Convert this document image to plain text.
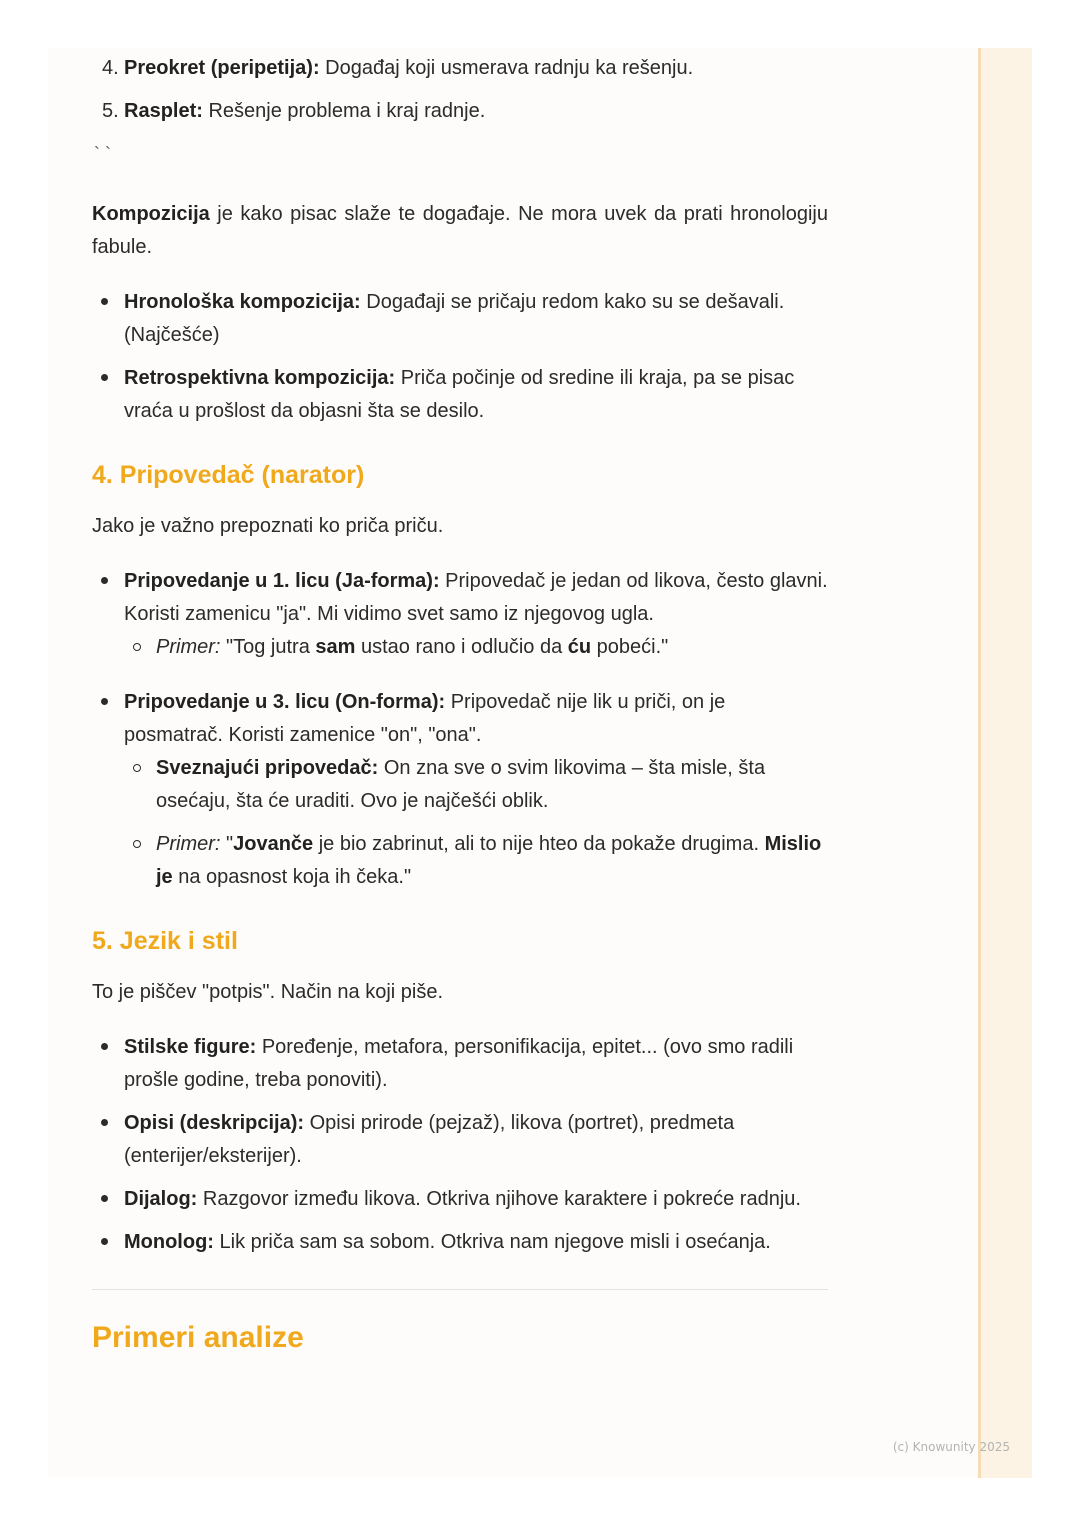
4. Preokret (peripetija): Događaj koji usmerava radnju ka rešenju.
5. Rasplet: Rešenje problema i kraj radnje.
` `
Kompozicija je kako pisac slaže te događaje. Ne mora uvek da prati hronologiju fabule.
Hronološka kompozicija: Događaji se pričaju redom kako su se dešavali. (Najčešće)
Retrospektivna kompozicija: Priča počinje od sredine ili kraja, pa se pisac vraća u prošlost da objasni šta se desilo.
4. Pripovedač (narator)
Jako je važno prepoznati ko priča priču.
Pripovedanje u 1. licu (Ja-forma): Pripovedač je jedan od likova, često glavni. Koristi zamenicu "ja". Mi vidimo svet samo iz njegovog ugla.
Primer: "Tog jutra sam ustao rano i odlučio da ću pobeći."
Pripovedanje u 3. licu (On-forma): Pripovedač nije lik u priči, on je posmatrač. Koristi zamenice "on", "ona".
Sveznajući pripovedač: On zna sve o svim likovima – šta misle, šta osećaju, šta će uraditi. Ovo je najčešći oblik.
Primer: "Jovanče je bio zabrinut, ali to nije hteo da pokaže drugima. Mislio je na opasnost koja ih čeka."
5. Jezik i stil
To je piščev "potpis". Način na koji piše.
Stilske figure: Poređenje, metafora, personifikacija, epitet... (ovo smo radili prošle godine, treba ponoviti).
Opisi (deskripcija): Opisi prirode (pejzaž), likova (portret), predmeta (enterijer/eksterijer).
Dijalog: Razgovor između likova. Otkriva njihove karaktere i pokreće radnju.
Monolog: Lik priča sam sa sobom. Otkriva nam njegove misli i osećanja.
Primeri analize
(c) Knowunity 2025
